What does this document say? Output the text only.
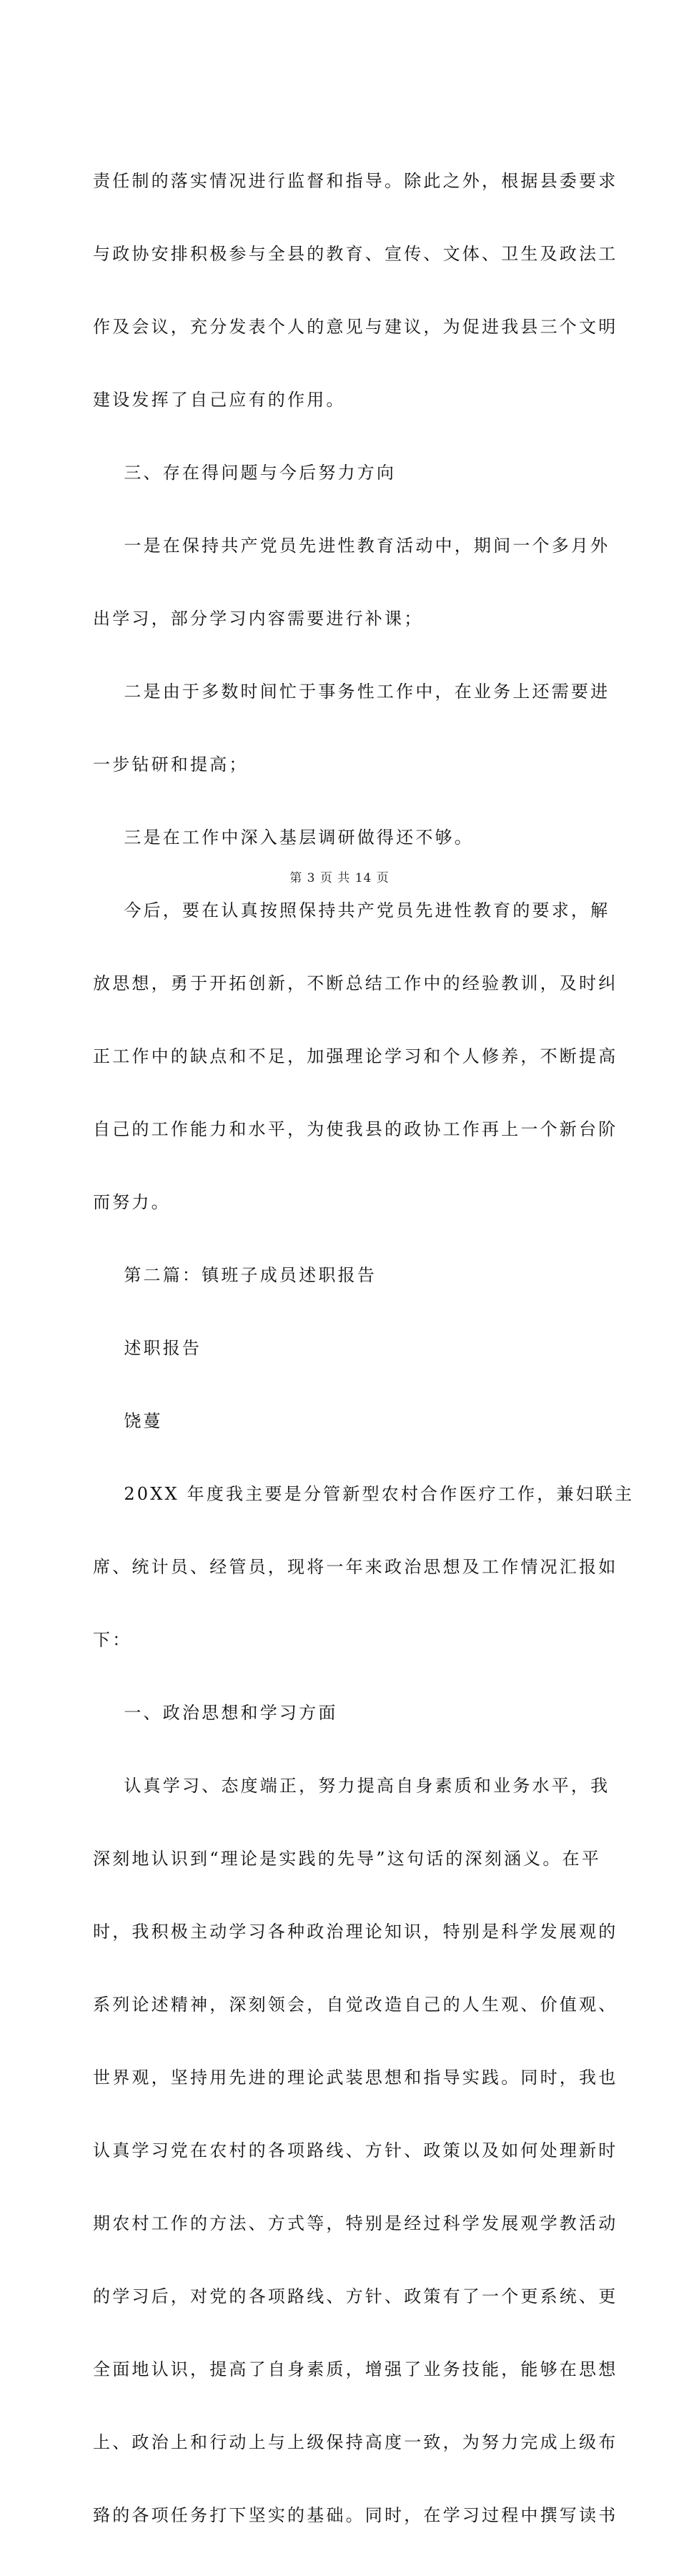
责任制的落实情况进行监督和指导。除此之外，根据县委要求

与政协安排积极参与全县的教育、宣传、文体、卫生及政法工

作及会议，充分发表个人的意见与建议，为促进我县三个文明

建设发挥了自己应有的作用。

三、存在得问题与今后努力方向

一是在保持共产党员先进性教育活动中，期间一个多月外

出学习，部分学习内容需要进行补课；

二是由于多数时间忙于事务性工作中，在业务上还需要进

一步钻研和提高；

三是在工作中深入基层调研做得还不够。

今后，要在认真按照保持共产党员先进性教育的要求，解

放思想，勇于开拓创新，不断总结工作中的经验教训，及时纠

正工作中的缺点和不足，加强理论学习和个人修养，不断提高

自己的工作能力和水平，为使我县的政协工作再上一个新台阶

而努力。

第二篇：镇班子成员述职报告

述职报告

饶蔓

20XX 年度我主要是分管新型农村合作医疗工作，兼妇联主

席、统计员、经管员，现将一年来政治思想及工作情况汇报如

下：

一、政治思想和学习方面

认真学习、态度端正，努力提高自身素质和业务水平，我

深刻地认识到“理论是实践的先导”这句话的深刻涵义。在平

时，我积极主动学习各种政治理论知识，特别是科学发展观的

系列论述精神，深刻领会，自觉改造自己的人生观、价值观、

世界观，坚持用先进的理论武装思想和指导实践。同时，我也

认真学习党在农村的各项路线、方针、政策以及如何处理新时

期农村工作的方法、方式等，特别是经过科学发展观学教活动

的学习后，对党的各项路线、方针、政策有了一个更系统、更

全面地认识，提高了自身素质，增强了业务技能，能够在思想

上、政治上和行动上与上级保持高度一致，为努力完成上级布

臵的各项任务打下坚实的基础。同时，在学习过程中撰写读书

第 3 页 共 14 页
